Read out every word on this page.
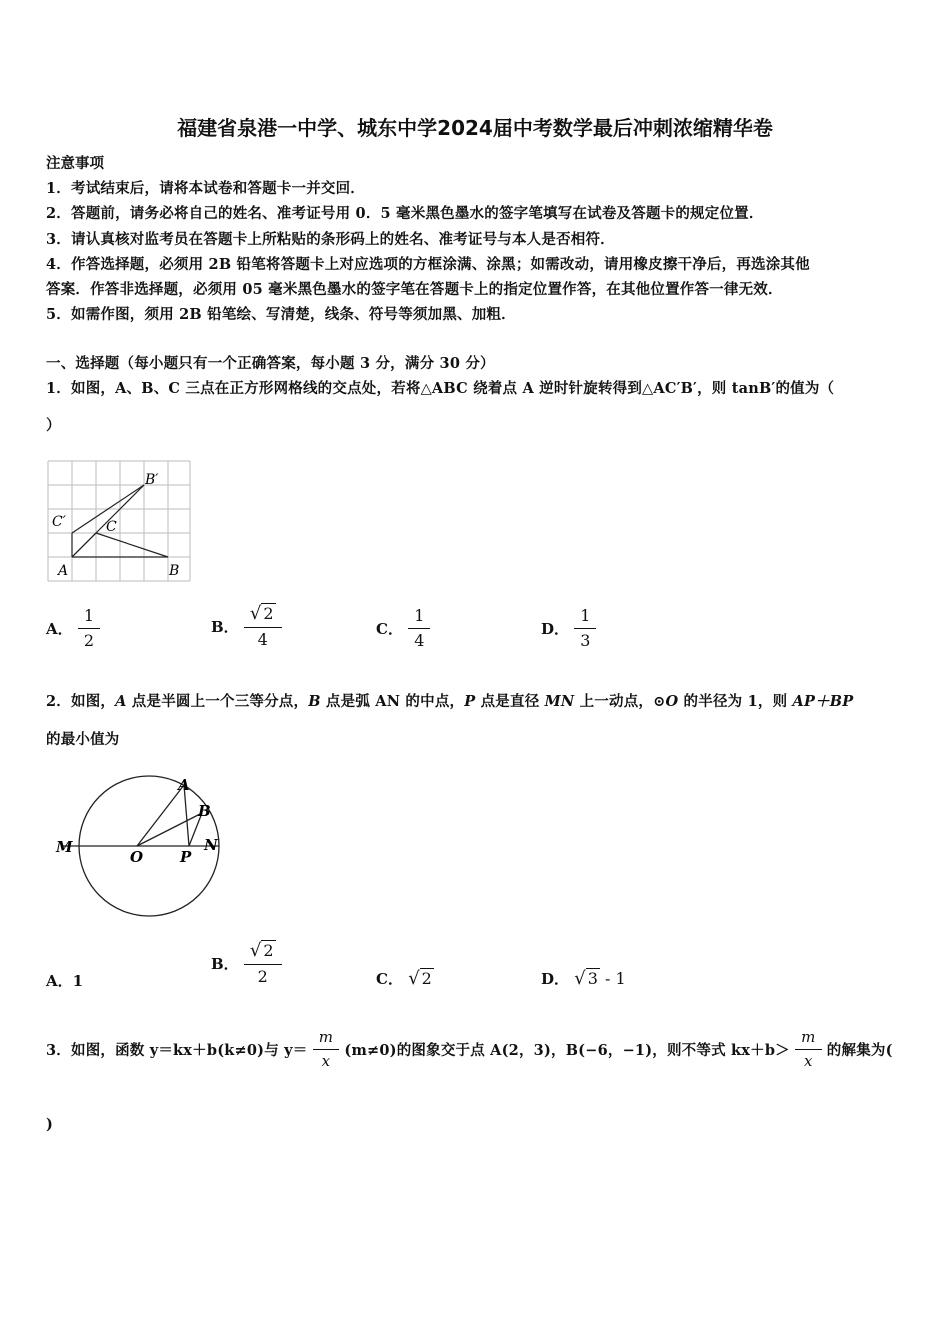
福建省泉港一中学、城东中学2024届中考数学最后冲刺浓缩精华卷
注意事项
1．考试结束后，请将本试卷和答题卡一并交回．
2．答题前，请务必将自己的姓名、准考证号用 0．5 毫米黑色墨水的签字笔填写在试卷及答题卡的规定位置．
3．请认真核对监考员在答题卡上所粘贴的条形码上的姓名、准考证号与本人是否相符．
4．作答选择题，必须用 2B 铅笔将答题卡上对应选项的方框涂满、涂黑；如需改动，请用橡皮擦干净后，再选涂其他
答案．作答非选择题，必须用 05 毫米黑色墨水的签字笔在答题卡上的指定位置作答，在其他位置作答一律无效．
5．如需作图，须用 2B 铅笔绘、写清楚，线条、符号等须加黑、加粗．
一、选择题（每小题只有一个正确答案，每小题 3 分，满分 30 分）
1．如图，A、B、C 三点在正方形网格线的交点处，若将△ABC 绕着点 A 逆时针旋转得到△AC′B′，则 tanB′的值为（
）
A	B
C
B′
C′
A． $\frac{1}{2}$	B． $\frac{√ 2}{4}$	C． $\frac{1}{4}$	D． $\frac{1}{3}$
2．如图，A 点是半圆上一个三等分点，B 点是弧 AN 的中点，P 点是直径 MN 上一动点，⊙O 的半径为 1，则 AP＋BP
的最小值为
M
O P
N
A
B
A．1
B． $\frac{√ 2}{2}$	C． √ 2	D． √ 3 - 1
3．如图，函数 y＝kx＋b(k≠0)与 $y= \frac{m}{x} (m\ne 0)$的图象交于点 A(2，3)，B(−6，−1)，则不等式 $kx+b> \frac{m}{x}$ 的解集为(
)
